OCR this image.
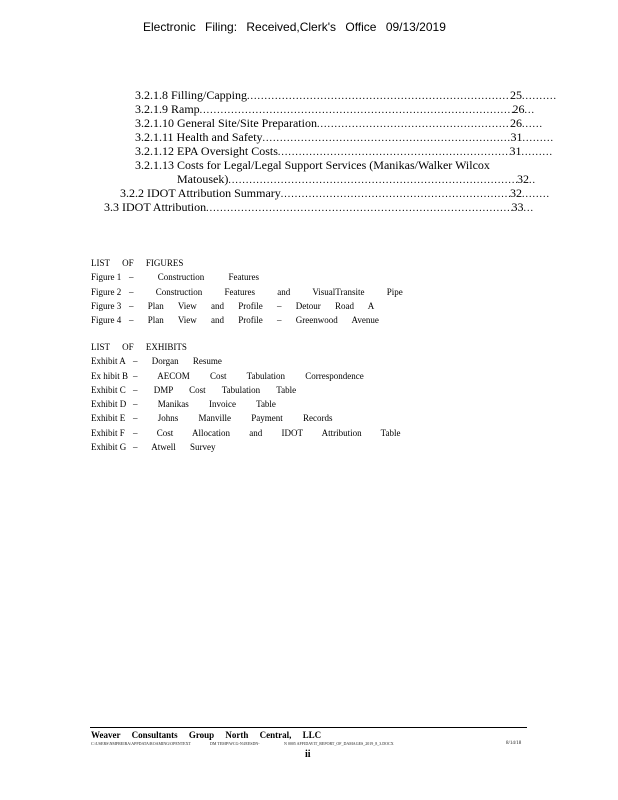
Electronic Filing: Received,Clerk's Office 09/13/2019
3.2.1.8 Filling/Capping .....	25 ..........
3.2.1.9 Ramp .....	26 ...
3.2.1.10 General Site/Site Preparation .....	26 ......
3.2.1.11 Health and Safety .....	31 .........
3.2.1.12 EPA Oversight Costs .....	31 .........
3.2.1.13 Costs for Legal/Legal Support Services (Manikas/Walker Wilcox
Matousek) .....	32 ..
3.2.2 IDOT Attribution Summary .....	32 ........
3.3 IDOT Attribution .....	33 ...
LIST OF FIGURES
Figure 1 – Construction Features
Figure 2 – Construction Features and VisualTransite Pipe
Figure 3 – Plan View and Profile – Detour Road A
Figure 4 – Plan View and Profile – Greenwood Avenue
LIST OF EXHIBITS
Exhibit A – Dorgan Resume
Ex hibit B – AECOM Cost Tabulation Correspondence
Exhibit C – DMP Cost Tabulation Table
Exhibit D – Manikas Invoice Table
Exhibit E – Johns Manville Payment Records
Exhibit F – Cost Allocation and IDOT Attribution Table
Exhibit G – Atwell Survey
Weaver Consultants Group North Central, LLC
C:\USERS\NMFREIRA\APPDATA\ROAMING\OPENTEXT	DM TEMP\WCG-N\JEESDN-	N 0005 AFFIDAVIT_REPORT_OF_DAMAGES_2019_8_3.DOCX	8/14/18
ii
